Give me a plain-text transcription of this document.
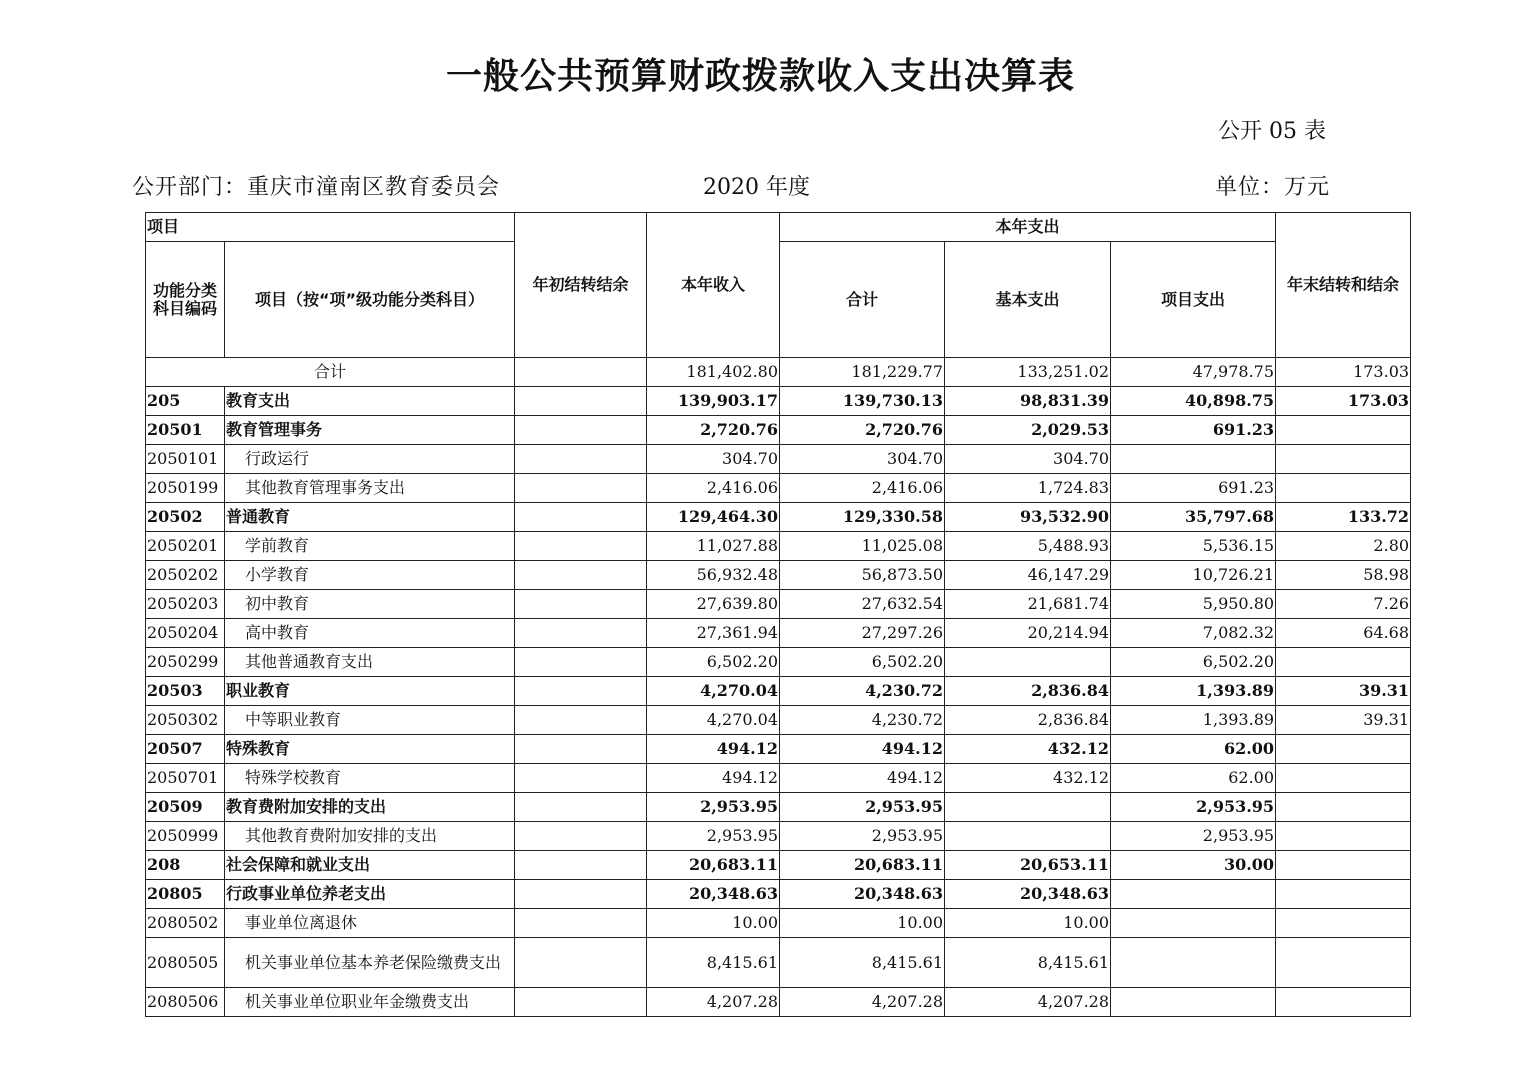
一般公共预算财政拨款收入支出决算表
公开 05 表
公开部门：重庆市潼南区教育委员会	2020 年度	单位：万元
项目		年初结转结余	本年收入	本年支出			年末结转和结余
功能分类科目编码	项目（按“项”级功能分类科目）			合计	基本支出	项目支出	
合计			181,402.80	181,229.77	133,251.02	47,978.75	173.03
205	教育支出		139,903.17	139,730.13	98,831.39	40,898.75	173.03
20501	教育管理事务		2,720.76	2,720.76	2,029.53	691.23	
2050101	行政运行		304.70	304.70	304.70		
2050199	其他教育管理事务支出		2,416.06	2,416.06	1,724.83	691.23	
20502	普通教育		129,464.30	129,330.58	93,532.90	35,797.68	133.72
2050201	学前教育		11,027.88	11,025.08	5,488.93	5,536.15	2.80
2050202	小学教育		56,932.48	56,873.50	46,147.29	10,726.21	58.98
2050203	初中教育		27,639.80	27,632.54	21,681.74	5,950.80	7.26
2050204	高中教育		27,361.94	27,297.26	20,214.94	7,082.32	64.68
2050299	其他普通教育支出		6,502.20	6,502.20		6,502.20	
20503	职业教育		4,270.04	4,230.72	2,836.84	1,393.89	39.31
2050302	中等职业教育		4,270.04	4,230.72	2,836.84	1,393.89	39.31
20507	特殊教育		494.12	494.12	432.12	62.00	
2050701	特殊学校教育		494.12	494.12	432.12	62.00	
20509	教育费附加安排的支出		2,953.95	2,953.95		2,953.95	
2050999	其他教育费附加安排的支出		2,953.95	2,953.95		2,953.95	
208	社会保障和就业支出		20,683.11	20,683.11	20,653.11	30.00	
20805	行政事业单位养老支出		20,348.63	20,348.63	20,348.63		
2080502	事业单位离退休		10.00	10.00	10.00		
2080505	机关事业单位基本养老保险缴费支出		8,415.61	8,415.61	8,415.61		
2080506	机关事业单位职业年金缴费支出		4,207.28	4,207.28	4,207.28		
